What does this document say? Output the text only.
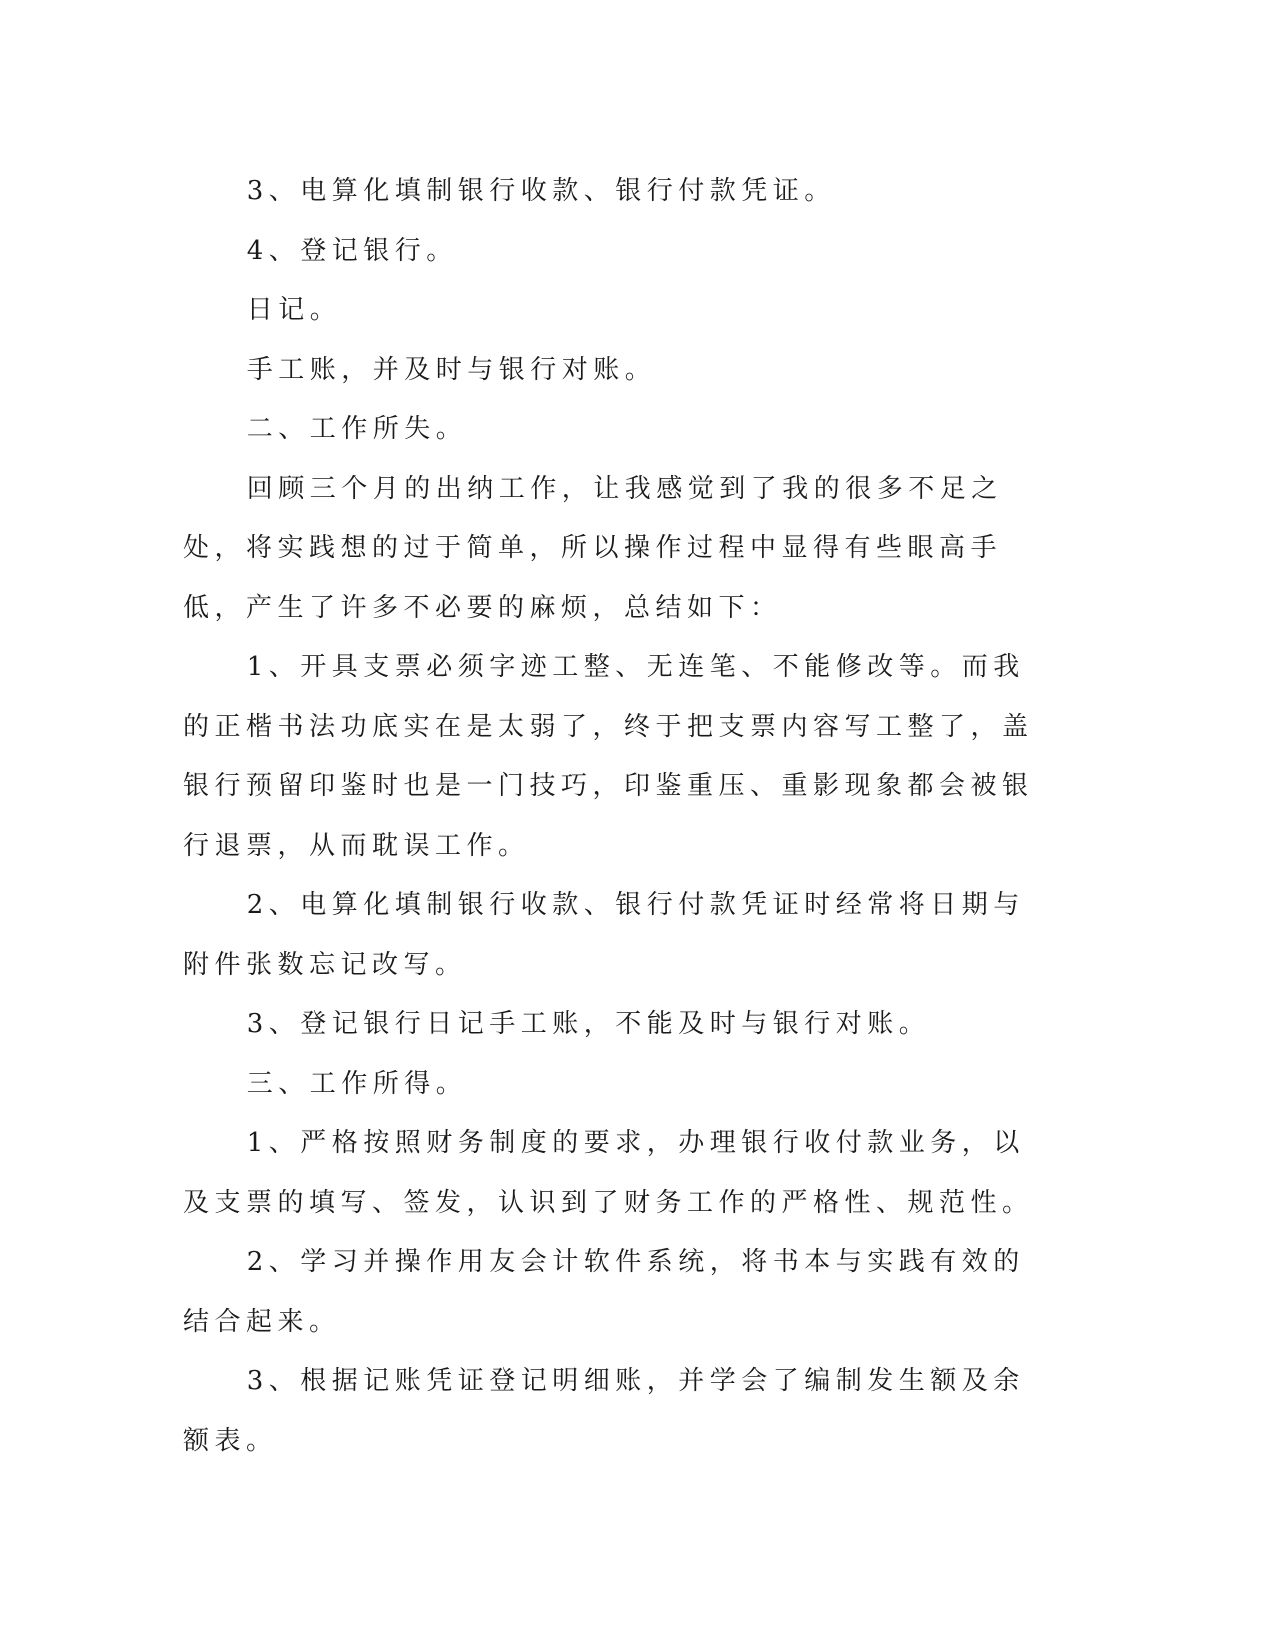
3、电算化填制银行收款、银行付款凭证。

4、登记银行。

日记。

手工账，并及时与银行对账。

二、工作所失。

回顾三个月的出纳工作，让我感觉到了我的很多不足之处，将实践想的过于简单，所以操作过程中显得有些眼高手低，产生了许多不必要的麻烦，总结如下：

1、开具支票必须字迹工整、无连笔、不能修改等。而我的正楷书法功底实在是太弱了，终于把支票内容写工整了，盖银行预留印鉴时也是一门技巧，印鉴重压、重影现象都会被银行退票，从而耽误工作。

2、电算化填制银行收款、银行付款凭证时经常将日期与附件张数忘记改写。

3、登记银行日记手工账，不能及时与银行对账。

三、工作所得。

1、严格按照财务制度的要求，办理银行收付款业务，以及支票的填写、签发，认识到了财务工作的严格性、规范性。

2、学习并操作用友会计软件系统，将书本与实践有效的结合起来。

3、根据记账凭证登记明细账，并学会了编制发生额及余额表。
